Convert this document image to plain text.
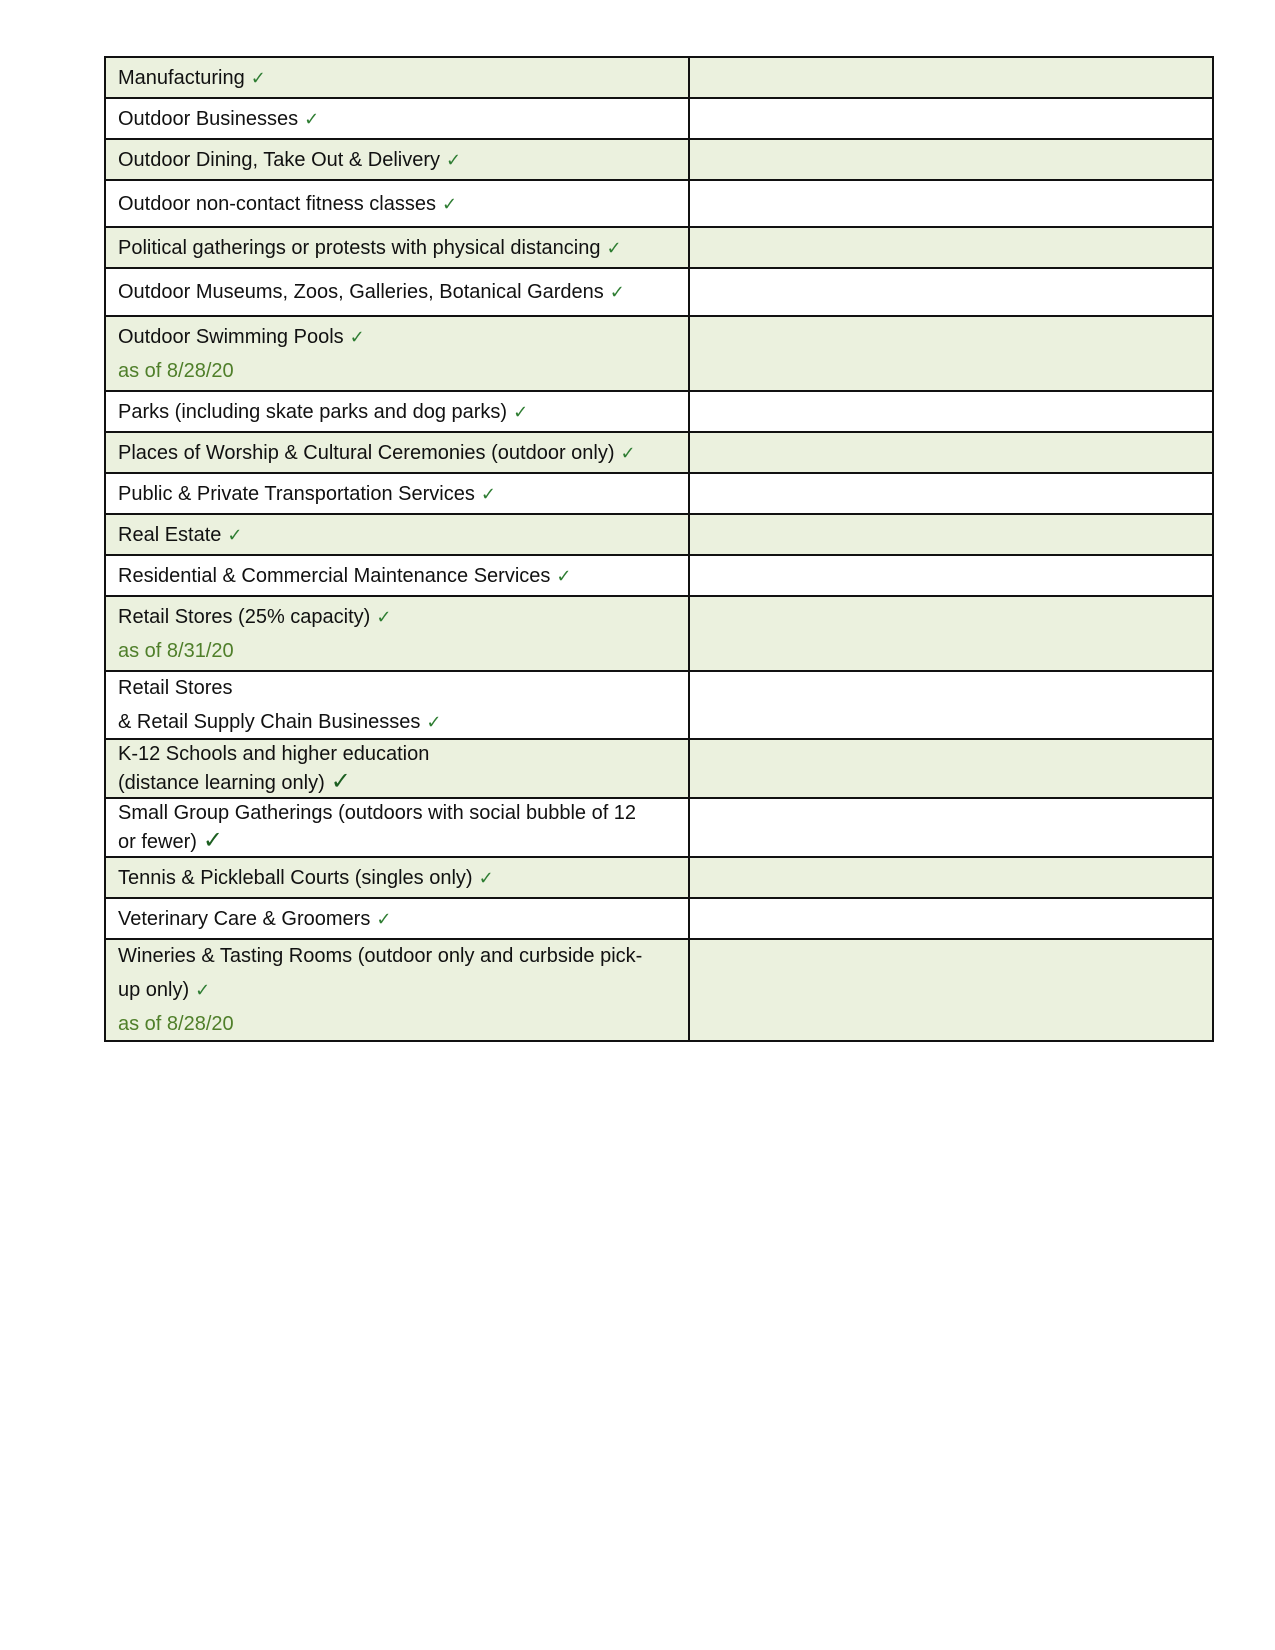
Manufacturing ✓	

Outdoor Businesses ✓	

Outdoor Dining, Take Out & Delivery ✓	

Outdoor non-contact fitness classes ✓	

Political gatherings or protests with physical distancing ✓	

Outdoor Museums, Zoos, Galleries, Botanical Gardens ✓	

Outdoor Swimming Pools ✓
as of 8/28/20	

Parks (including skate parks and dog parks) ✓	

Places of Worship & Cultural Ceremonies (outdoor only) ✓	

Public & Private Transportation Services ✓	

Real Estate ✓	

Residential & Commercial Maintenance Services ✓	

Retail Stores (25% capacity) ✓
as of 8/31/20	

Retail Stores
& Retail Supply Chain Businesses ✓	

K-12 Schools and higher education
(distance learning only) ✓	

Small Group Gatherings (outdoors with social bubble of 12
or fewer) ✓	

Tennis & Pickleball Courts (singles only) ✓	

Veterinary Care & Groomers ✓	

Wineries & Tasting Rooms (outdoor only and curbside pick-
up only) ✓
as of 8/28/20	
